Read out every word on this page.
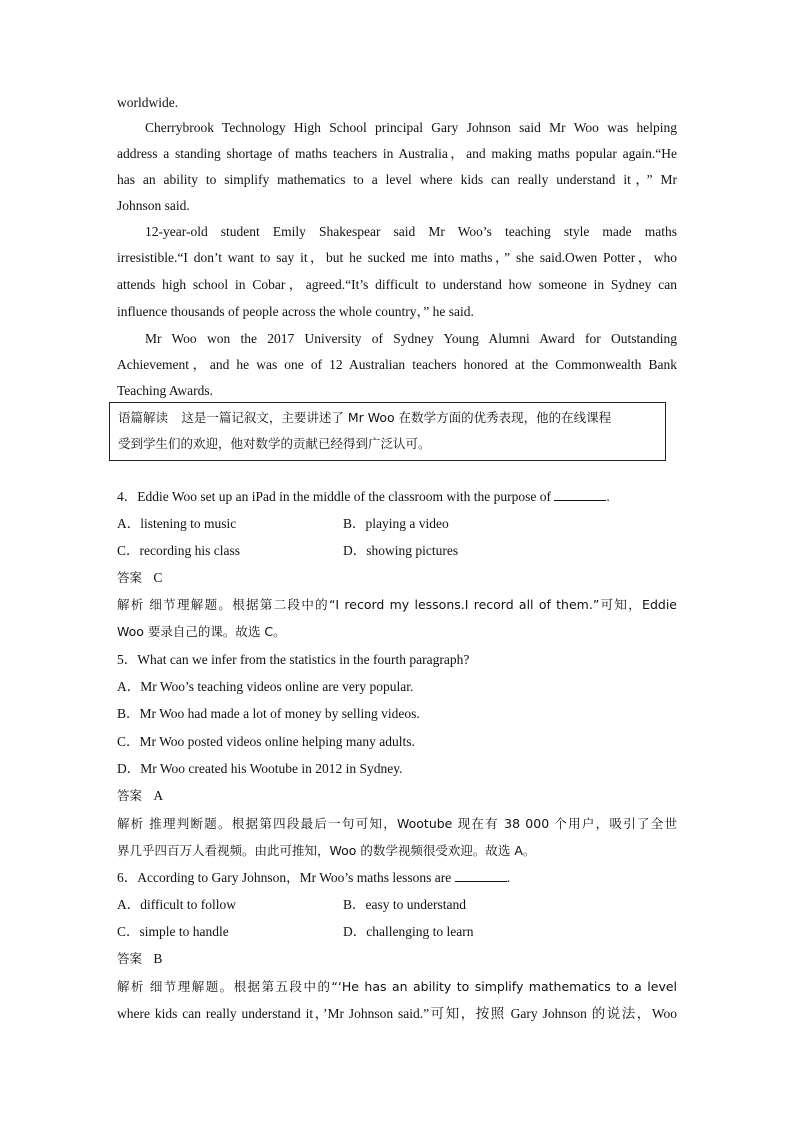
worldwide.
Cherrybrook Technology High School principal Gary Johnson said Mr Woo was helping
address a standing shortage of maths teachers in Australia，and making maths popular again.“He
has an ability to simplify mathematics to a level where kids can really understand it，” Mr
Johnson said.
12-year-old student Emily Shakespear said Mr Woo’s teaching style made maths
irresistible.“I don’t want to say it，but he sucked me into maths，” she said.Owen Potter，who
attends high school in Cobar，agreed.“It’s difficult to understand how someone in Sydney can
influence thousands of people across the whole country，” he said.
Mr Woo won the 2017 University of Sydney Young Alumni Award for Outstanding
Achievement，and he was one of 12 Australian teachers honored at the Commonwealth Bank
Teaching Awards.
语篇解读 这是一篇记叙文，主要讲述了 Mr Woo 在数学方面的优秀表现，他的在线课程
受到学生们的欢迎，他对数学的贡献已经得到广泛认可。
4．Eddie Woo set up an iPad in the middle of the classroom with the purpose of	.
A．listening to music	B．playing a video
C．recording his class	D．showing pictures
答案 C
解析 细节理解题。根据第二段中的“I record my lessons.I record all of them.”可知，Eddie
Woo 要录自己的课。故选 C。
5．What can we infer from the statistics in the fourth paragraph?
A．Mr Woo’s teaching videos online are very popular.
B．Mr Woo had made a lot of money by selling videos.
C．Mr Woo posted videos online helping many adults.
D．Mr Woo created his Wootube in 2012 in Sydney.
答案 A
解析 推理判断题。根据第四段最后一句可知，Wootube 现在有 38 000 个用户，吸引了全世
界几乎四百万人看视频。由此可推知，Woo 的数学视频很受欢迎。故选 A。
6．According to Gary Johnson，Mr Woo’s maths lessons are	.
A．difficult to follow	B．easy to understand
C．simple to handle	D．challenging to learn
答案 B
解析 细节理解题。根据第五段中的“‘He has an ability to simplify mathematics to a level
where kids can really understand it，’Mr Johnson said.”可知，按照 Gary Johnson 的说法，Woo
